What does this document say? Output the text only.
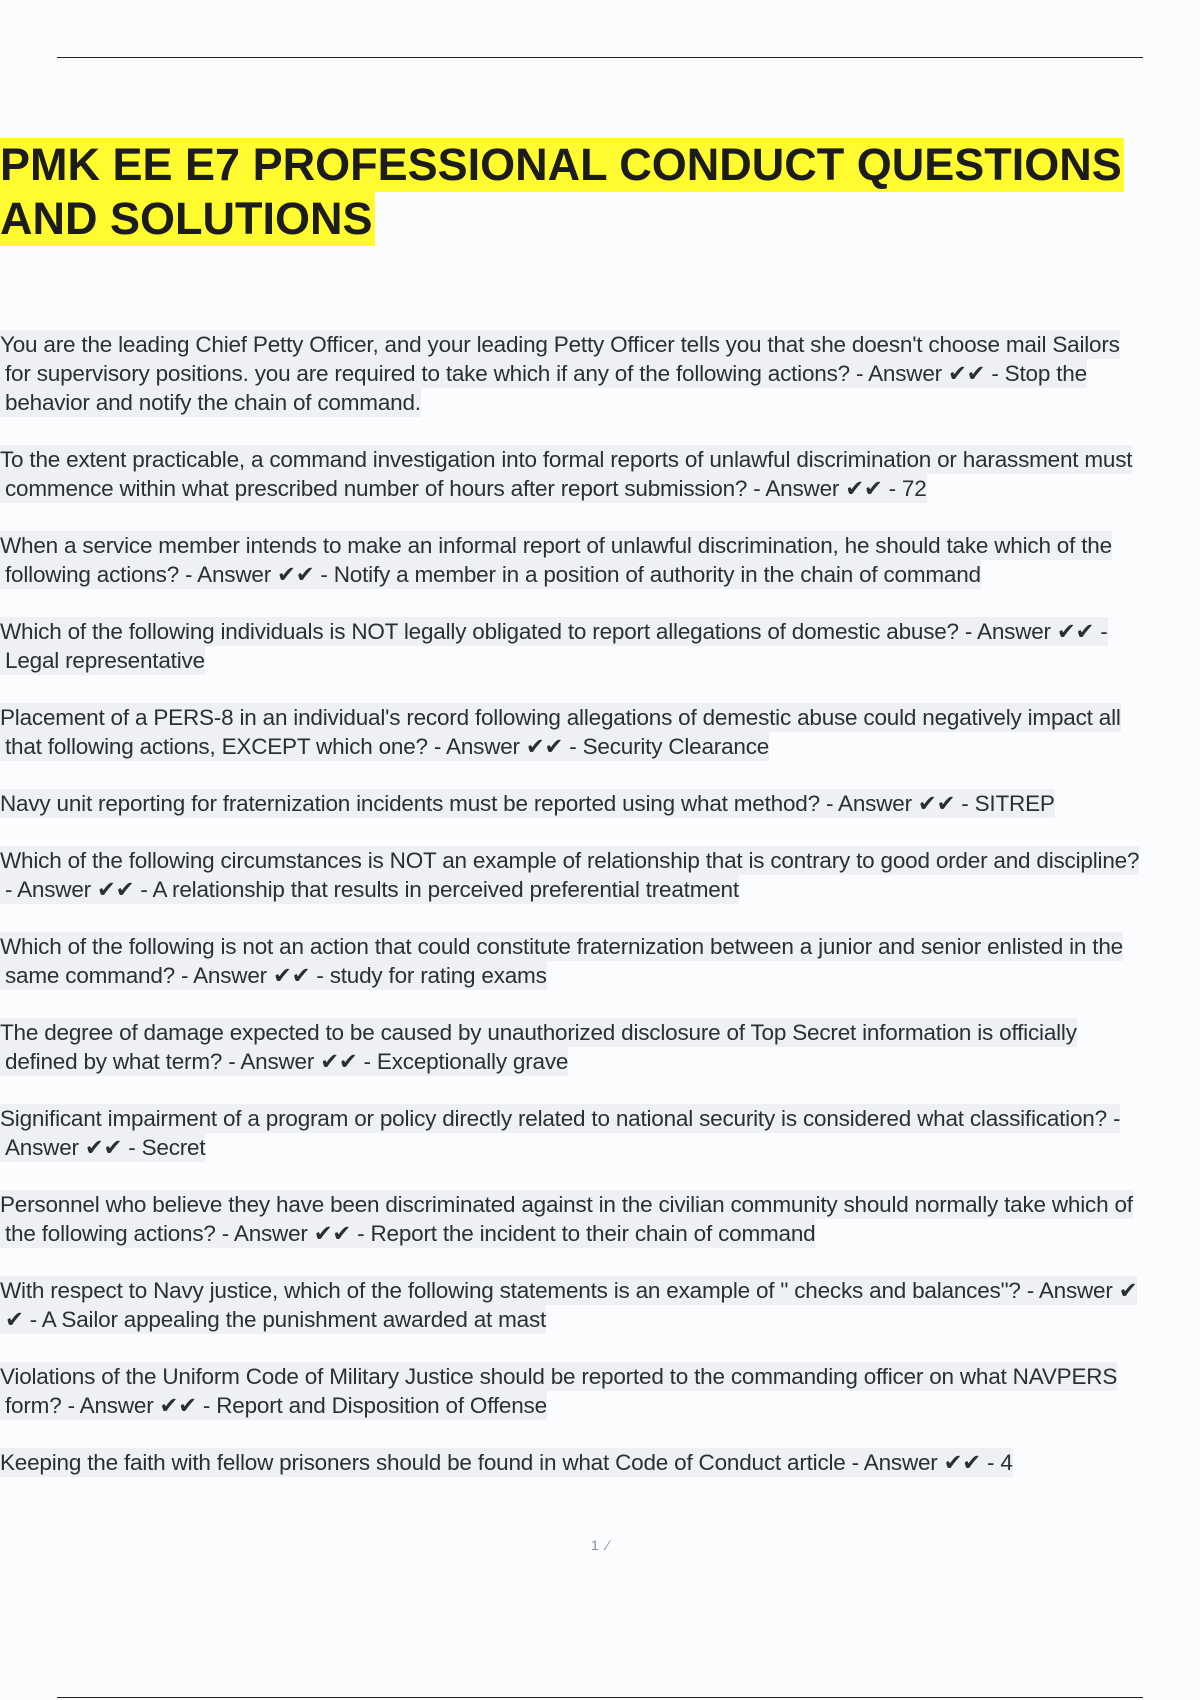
PMK EE E7 PROFESSIONAL CONDUCT QUESTIONS
AND SOLUTIONS
You are the leading Chief Petty Officer, and your leading Petty Officer tells you that she doesn't choose mail Sailors
for supervisory positions. you are required to take which if any of the following actions? - Answer ✔✔ - Stop the
behavior and notify the chain of command.
To the extent practicable, a command investigation into formal reports of unlawful discrimination or harassment must
commence within what prescribed number of hours after report submission? - Answer ✔✔ - 72
When a service member intends to make an informal report of unlawful discrimination, he should take which of the
following actions? - Answer ✔✔ - Notify a member in a position of authority in the chain of command
Which of the following individuals is NOT legally obligated to report allegations of domestic abuse? - Answer ✔✔ -
Legal representative
Placement of a PERS-8 in an individual's record following allegations of demestic abuse could negatively impact all
that following actions, EXCEPT which one? - Answer ✔✔ - Security Clearance
Navy unit reporting for fraternization incidents must be reported using what method? - Answer ✔✔ - SITREP
Which of the following circumstances is NOT an example of relationship that is contrary to good order and discipline?
- Answer ✔✔ - A relationship that results in perceived preferential treatment
Which of the following is not an action that could constitute fraternization between a junior and senior enlisted in the
same command? - Answer ✔✔ - study for rating exams
The degree of damage expected to be caused by unauthorized disclosure of Top Secret information is officially
defined by what term? - Answer ✔✔ - Exceptionally grave
Significant impairment of a program or policy directly related to national security is considered what classification? -
Answer ✔✔ - Secret
Personnel who believe they have been discriminated against in the civilian community should normally take which of
the following actions? - Answer ✔✔ - Report the incident to their chain of command
With respect to Navy justice, which of the following statements is an example of " checks and balances"? - Answer ✔
✔ - A Sailor appealing the punishment awarded at mast
Violations of the Uniform Code of Military Justice should be reported to the commanding officer on what NAVPERS
form? - Answer ✔✔ - Report and Disposition of Offense
Keeping the faith with fellow prisoners should be found in what Code of Conduct article - Answer ✔✔ - 4
1 .⁄
